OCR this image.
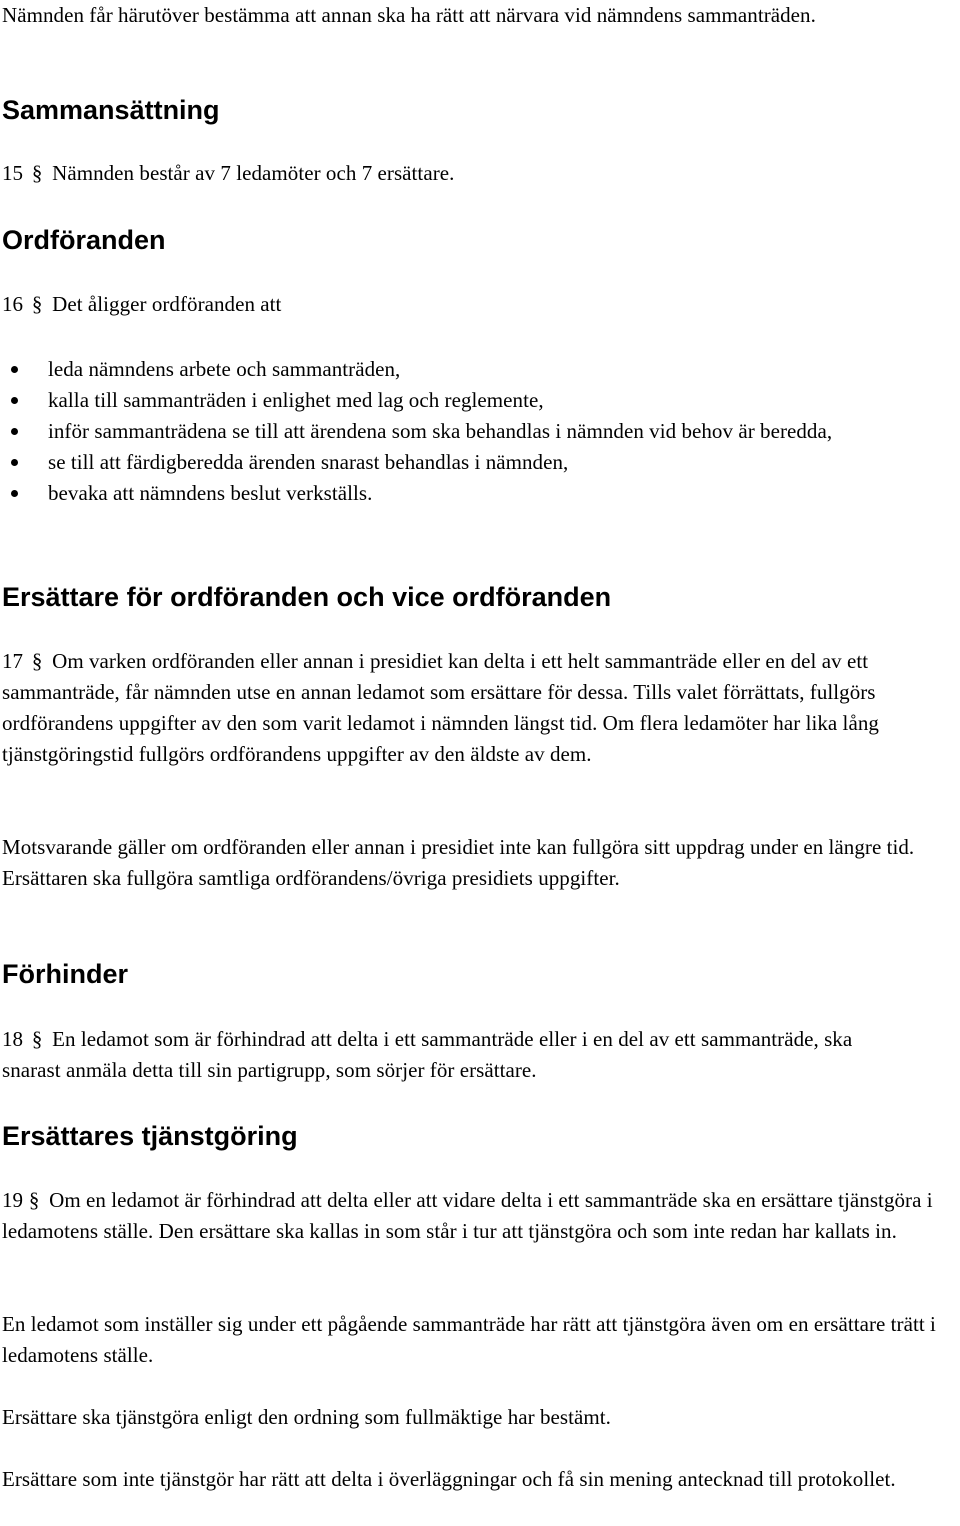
Nämnden får härutöver bestämma att annan ska ha rätt att närvara vid nämndens sammanträden.

Sammansättning

15 § Nämnden består av 7 ledamöter och 7 ersättare.

Ordföranden

16 § Det åligger ordföranden att

leda nämndens arbete och sammanträden,
kalla till sammanträden i enlighet med lag och reglemente,
inför sammanträdena se till att ärendena som ska behandlas i nämnden vid behov är beredda,
se till att färdigberedda ärenden snarast behandlas i nämnden,
bevaka att nämndens beslut verkställs.
Ersättare för ordföranden och vice ordföranden

17 § Om varken ordföranden eller annan i presidiet kan delta i ett helt sammanträde eller en del av ett sammanträde, får nämnden utse en annan ledamot som ersättare för dessa. Tills valet förrättats, fullgörs ordförandens uppgifter av den som varit ledamot i nämnden längst tid. Om flera ledamöter har lika lång tjänstgöringstid fullgörs ordförandens uppgifter av den äldste av dem.

Motsvarande gäller om ordföranden eller annan i presidiet inte kan fullgöra sitt uppdrag under en längre tid. Ersättaren ska fullgöra samtliga ordförandens/övriga presidiets uppgifter.

Förhinder

18 § En ledamot som är förhindrad att delta i ett sammanträde eller i en del av ett sammanträde, ska snarast anmäla detta till sin partigrupp, som sörjer för ersättare.

Ersättares tjänstgöring

19 § Om en ledamot är förhindrad att delta eller att vidare delta i ett sammanträde ska en ersättare tjänstgöra i ledamotens ställe. Den ersättare ska kallas in som står i tur att tjänstgöra och som inte redan har kallats in.

En ledamot som inställer sig under ett pågående sammanträde har rätt att tjänstgöra även om en ersättare trätt i ledamotens ställe.

Ersättare ska tjänstgöra enligt den ordning som fullmäktige har bestämt.

Ersättare som inte tjänstgör har rätt att delta i överläggningar och få sin mening antecknad till protokollet.
